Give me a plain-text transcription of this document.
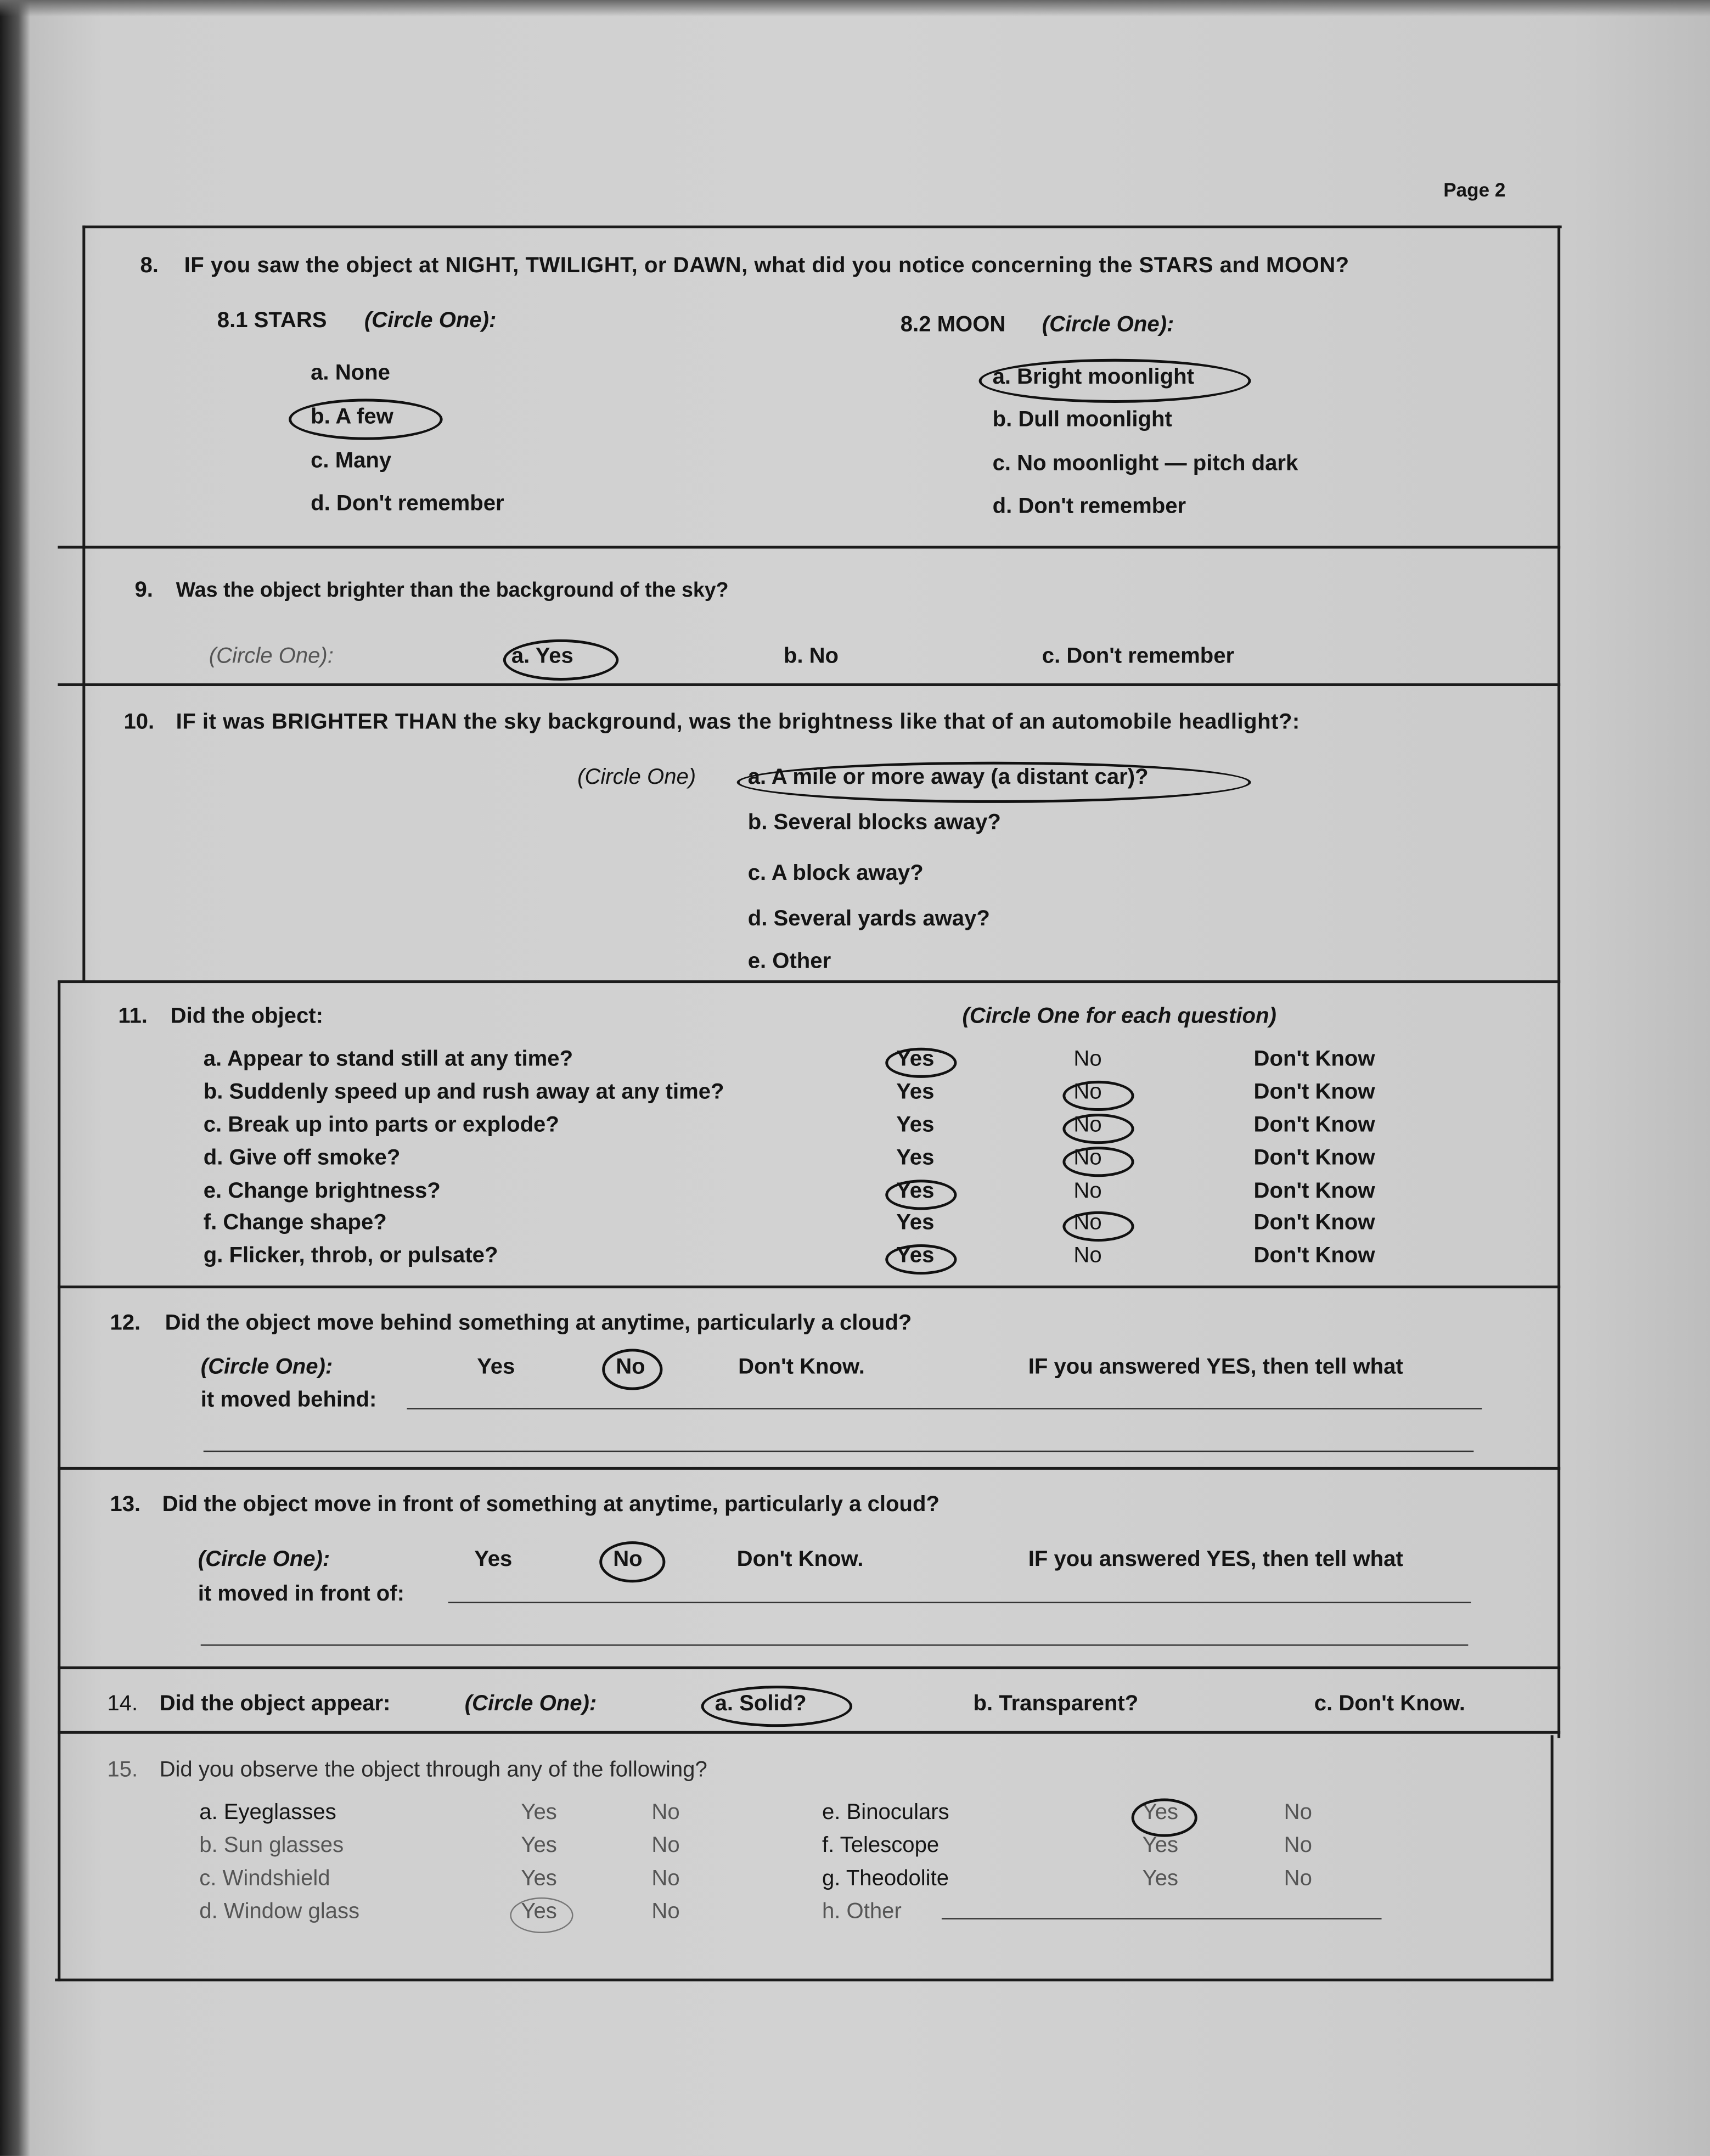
Page 2
8.	IF you saw the object at NIGHT, TWILIGHT, or DAWN, what did you notice concerning the STARS and MOON?
8.1 STARS	(Circle One):
a. None
b. A few
c. Many
d. Don't remember
8.2 MOON	(Circle One):
a. Bright moonlight
b. Dull moonlight
c. No moonlight — pitch dark
d. Don't remember
9.	Was the object brighter than the background of the sky?
(Circle One):	a. Yes	b. No	c. Don't remember
10. IF it was BRIGHTER THAN the sky background, was the brightness like that of an automobile headlight?:
(Circle One)	a. A mile or more away (a distant car)?
b. Several blocks away?
c. A block away?
d. Several yards away?
e. Other
11.	Did the object:	(Circle One for each question)
a. Appear to stand still at any time?	Yes	No	Don't Know
b. Suddenly speed up and rush away at any time?	Yes	No	Don't Know
c. Break up into parts or explode?	Yes	No	Don't Know
d. Give off smoke?	Yes	No	Don't Know
e. Change brightness?	Yes	No	Don't Know
f. Change shape?	Yes	No	Don't Know
g. Flicker, throb, or pulsate?	Yes	No	Don't Know
12.	Did the object move behind something at anytime, particularly a cloud?
(Circle One):	Yes	No	Don't Know.	IF you answered YES, then tell what
it moved behind:
13. Did the object move in front of something at anytime, particularly a cloud?
(Circle One):	Yes	No	Don't Know.	IF you answered YES, then tell what
it moved in front of:
14. Did the object appear:	(Circle One):	a. Solid?	b. Transparent?	c. Don't Know.
15. Did you observe the object through any of the following?
a. Eyeglasses	Yes	No
b. Sun glasses	Yes	No
c. Windshield	Yes	No
d. Window glass	Yes	No
e. Binoculars	Yes	No
f. Telescope	Yes	No
g. Theodolite	Yes	No
h. Other
